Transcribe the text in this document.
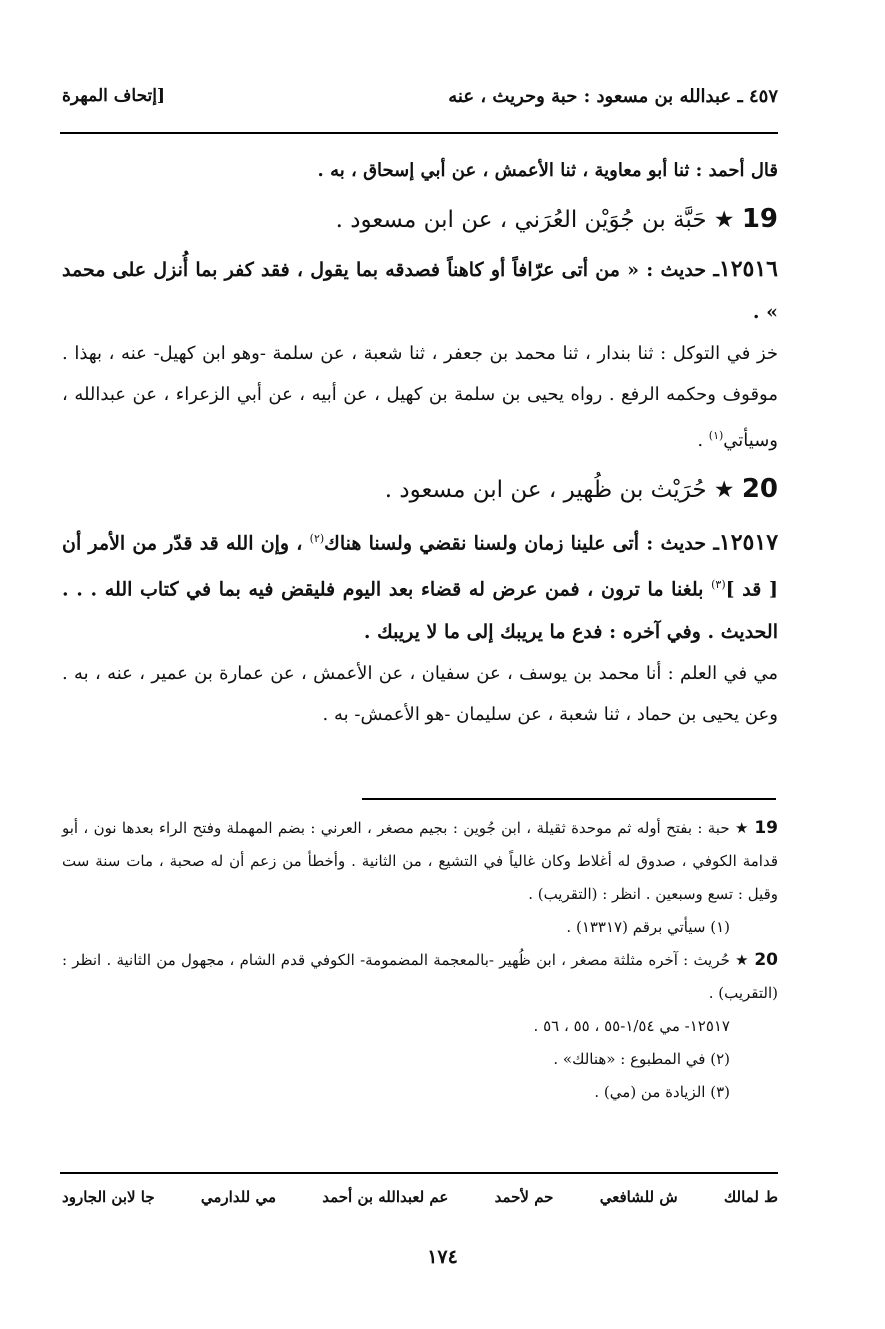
٤٥٧ ـ عبدالله بن مسعود : حبة وحريث ، عنه
[إتحاف المهرة

قال أحمد : ثنا أبو معاوية ، ثنا الأعمش ، عن أبي إسحاق ، به .

19 ★ حَبَّة بن جُوَيْن العُرَني ، عن ابن مسعود .

١٢٥١٦ـ حديث : « من أتى عرّافاً أو كاهناً فصدقه بما يقول ، فقد كفر بما أُنزل على محمد » .

خز في التوكل : ثنا بندار ، ثنا محمد بن جعفر ، ثنا شعبة ، عن سلمة -وهو ابن كهيل- عنه ، بهذا . موقوف وحكمه الرفع . رواه يحيى بن سلمة بن كهيل ، عن أبيه ، عن أبي الزعراء ، عن عبدالله ، وسيأتي$^{(١)}$ .

20 ★ حُرَيْث بن ظُهير ، عن ابن مسعود .

١٢٥١٧ـ حديث : أتى علينا زمان ولسنا نقضي ولسنا هناك$^{(٢)}$ ، وإن الله قد قدّر من الأمر أن [ قد ]$^{(٣)}$ بلغنا ما ترون ، فمن عرض له قضاء بعد اليوم فليقض فيه بما في كتاب الله . . . الحديث . وفي آخره : فدع ما يريبك إلى ما لا يريبك .

مي في العلم : أنا محمد بن يوسف ، عن سفيان ، عن الأعمش ، عن عمارة بن عمير ، عنه ، به . وعن يحيى بن حماد ، ثنا شعبة ، عن سليمان -هو الأعمش- به .

19 ★ حبة : بفتح أوله ثم موحدة ثقيلة ، ابن جُوين : بجيم مصغر ، العرني : بضم المهملة وفتح الراء بعدها نون ، أبو قدامة الكوفي ، صدوق له أغلاط وكان غالياً في التشيع ، من الثانية . وأخطأ من زعم أن له صحبة ، مات سنة ست وقيل : تسع وسبعين . انظر : (التقريب) .

(١) سيأتي برقم (١٣٣١٧) .

20 ★ حُريث : آخره مثلثة مصغر ، ابن ظُهير -بالمعجمة المضمومة- الكوفي قدم الشام ، مجهول من الثانية . انظر : (التقريب) .

١٢٥١٧- مي ١/٥٤-٥٥ ، ٥٥ ، ٥٦ .

(٢) في المطبوع : «هنالك» .

(٣) الزيادة من (مي) .

ط لمالك
ش للشافعي
حم لأحمد
عم لعبدالله بن أحمد
مي للدارمي
جا لابن الجارود
١٧٤
